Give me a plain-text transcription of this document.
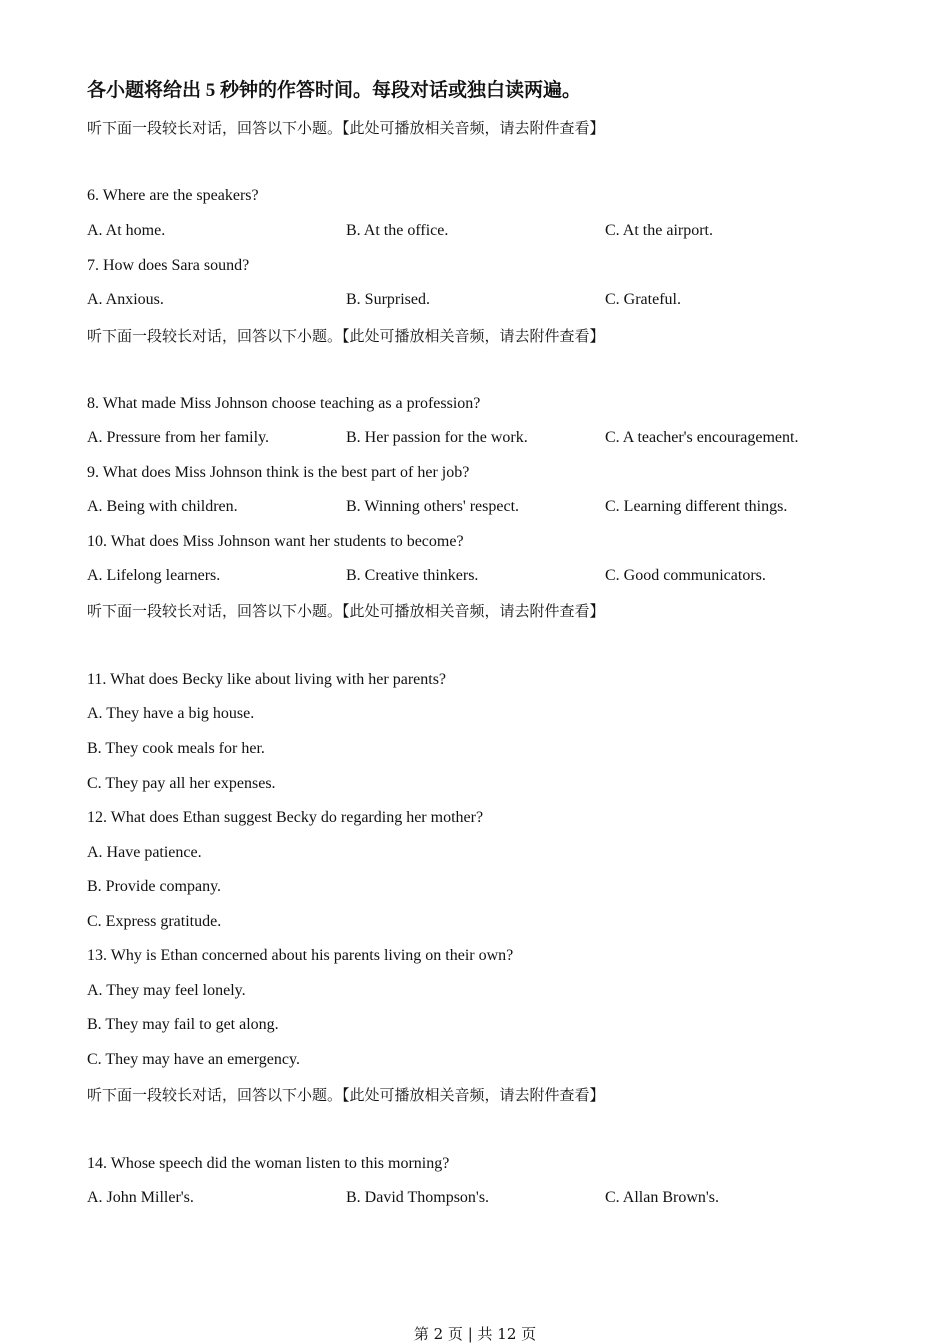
各小题将给出 5 秒钟的作答时间。每段对话或独白读两遍。
听下面一段较长对话，回答以下小题。【此处可播放相关音频，请去附件查看】
6. Where are the speakers?
A. At home.	B. At the office.	C. At the airport.
7. How does Sara sound?
A. Anxious.	B. Surprised.	C. Grateful.
听下面一段较长对话，回答以下小题。【此处可播放相关音频，请去附件查看】
8. What made Miss Johnson choose teaching as a profession?
A. Pressure from her family.	B. Her passion for the work.	C. A teacher's encouragement.
9. What does Miss Johnson think is the best part of her job?
A. Being with children.	B. Winning others' respect.	C. Learning different things.
10. What does Miss Johnson want her students to become?
A. Lifelong learners.	B. Creative thinkers.	C. Good communicators.
听下面一段较长对话，回答以下小题。【此处可播放相关音频，请去附件查看】
11. What does Becky like about living with her parents?
A. They have a big house.
B. They cook meals for her.
C. They pay all her expenses.
12. What does Ethan suggest Becky do regarding her mother?
A. Have patience.
B. Provide company.
C. Express gratitude.
13. Why is Ethan concerned about his parents living on their own?
A. They may feel lonely.
B. They may fail to get along.
C. They may have an emergency.
听下面一段较长对话，回答以下小题。【此处可播放相关音频，请去附件查看】
14. Whose speech did the woman listen to this morning?
A. John Miller's.	B. David Thompson's.	C. Allan Brown's.
第 2 页 | 共 12 页
